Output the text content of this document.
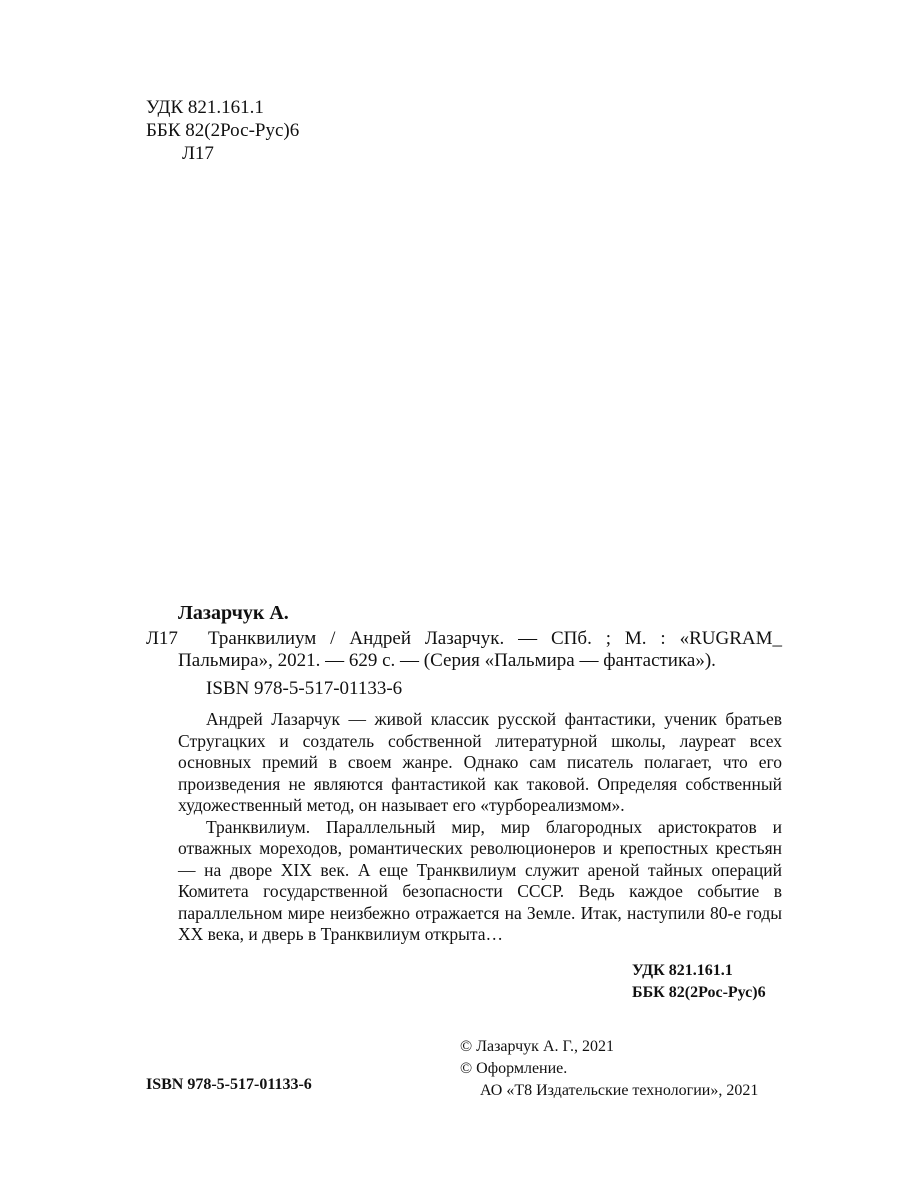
УДК 821.161.1
ББК 82(2Рос-Рус)6
Л17
Лазарчук А.
Л17	Транквилиум / Андрей Лазарчук. — СПб. ; М. : «RUGRAM_
Пальмира», 2021. — 629 с. — (Серия «Пальмира — фантастика»).
ISBN 978-5-517-01133-6

Андрей Лазарчук — живой классик русской фантастики, ученик братьев Стругацких и создатель собственной литературной школы, лауреат всех основных премий в своем жанре. Однако сам писатель полагает, что его произведения не являются фантастикой как таковой. Определяя собственный художественный метод, он называет его «турбореализмом».

Транквилиум. Параллельный мир, мир благородных аристократов и отважных мореходов, романтических революционеров и крепостных крестьян — на дворе XIX век. А еще Транквилиум служит ареной тайных операций Комитета государственной безопасности СССР. Ведь каждое событие в параллельном мире неизбежно отражается на Земле. Итак, наступили 80-е годы XX века, и дверь в Транквилиум открыта…

УДК 821.161.1
ББК 82(2Рос-Рус)6
© Лазарчук А. Г., 2021
© Оформление.
АО «Т8 Издательские технологии», 2021
ISBN 978-5-517-01133-6
